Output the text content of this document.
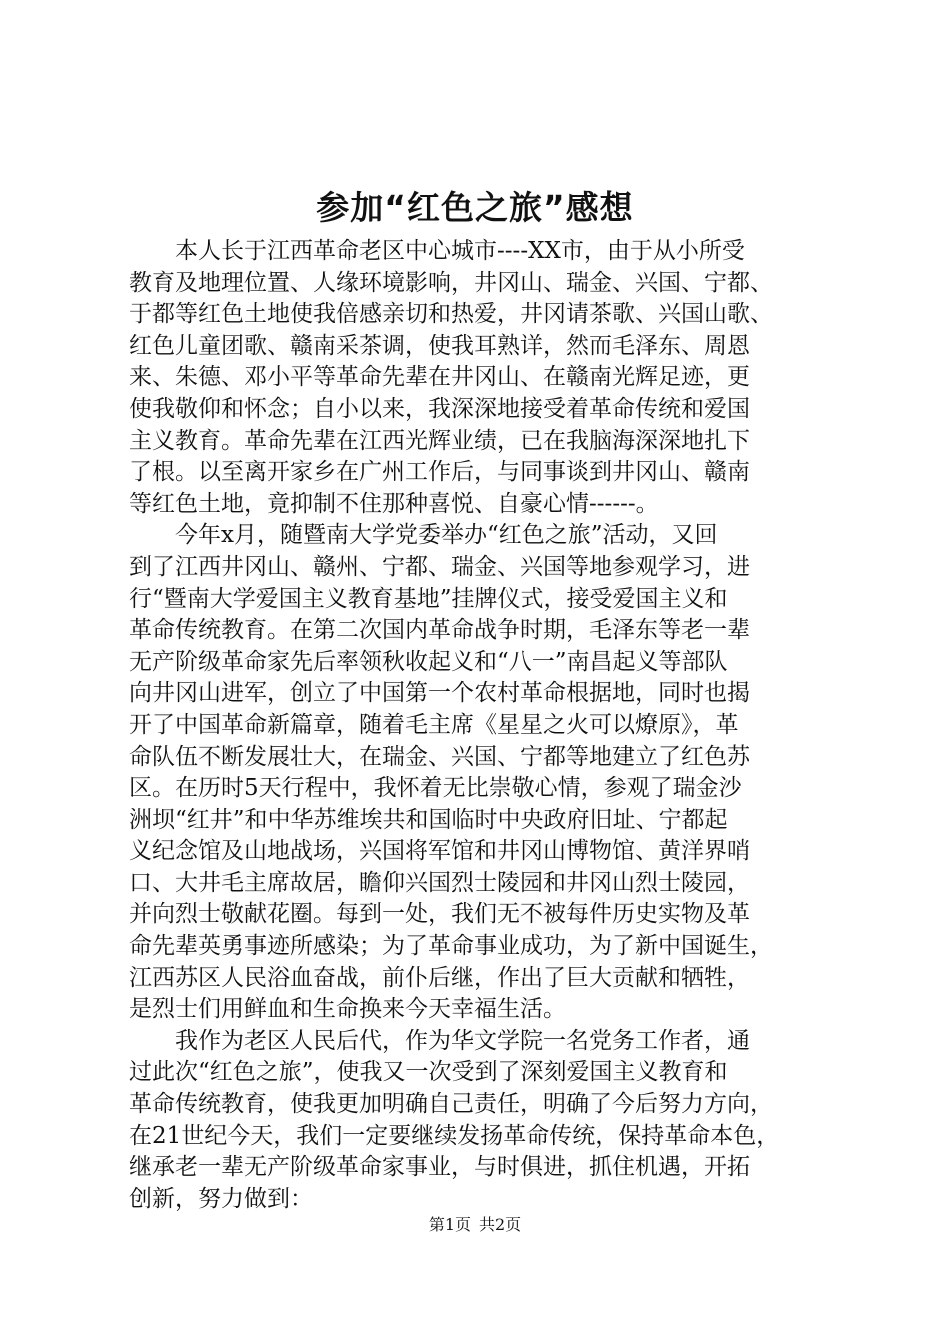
参加“红色之旅”感想

本人长于江西革命老区中心城市----XX市，由于从小所受
教育及地理位置、人缘环境影响，井冈山、瑞金、兴国、宁都、
于都等红色土地使我倍感亲切和热爱，井冈请茶歌、兴国山歌、
红色儿童团歌、赣南采茶调，使我耳熟详，然而毛泽东、周恩
来、朱德、邓小平等革命先辈在井冈山、在赣南光辉足迹，更
使我敬仰和怀念；自小以来，我深深地接受着革命传统和爱国
主义教育。革命先辈在江西光辉业绩，已在我脑海深深地扎下
了根。以至离开家乡在广州工作后，与同事谈到井冈山、赣南
等红色土地，竟抑制不住那种喜悦、自豪心情------。

今年x月，随暨南大学党委举办“红色之旅”活动，又回
到了江西井冈山、赣州、宁都、瑞金、兴国等地参观学习，进
行“暨南大学爱国主义教育基地”挂牌仪式，接受爱国主义和
革命传统教育。在第二次国内革命战争时期，毛泽东等老一辈
无产阶级革命家先后率领秋收起义和“八一”南昌起义等部队
向井冈山进军，创立了中国第一个农村革命根据地，同时也揭
开了中国革命新篇章，随着毛主席《星星之火可以燎原》，革
命队伍不断发展壮大，在瑞金、兴国、宁都等地建立了红色苏
区。在历时5天行程中，我怀着无比崇敬心情，参观了瑞金沙
洲坝“红井”和中华苏维埃共和国临时中央政府旧址、宁都起
义纪念馆及山地战场，兴国将军馆和井冈山博物馆、黄洋界哨
口、大井毛主席故居，瞻仰兴国烈士陵园和井冈山烈士陵园，
并向烈士敬献花圈。每到一处，我们无不被每件历史实物及革
命先辈英勇事迹所感染；为了革命事业成功，为了新中国诞生，
江西苏区人民浴血奋战，前仆后继，作出了巨大贡献和牺牲，
是烈士们用鲜血和生命换来今天幸福生活。

我作为老区人民后代，作为华文学院一名党务工作者，通
过此次“红色之旅”，使我又一次受到了深刻爱国主义教育和
革命传统教育，使我更加明确自己责任，明确了今后努力方向，
在21世纪今天，我们一定要继续发扬革命传统，保持革命本色，
继承老一辈无产阶级革命家事业，与时俱进，抓住机遇，开拓
创新，努力做到：

第1页 共2页
